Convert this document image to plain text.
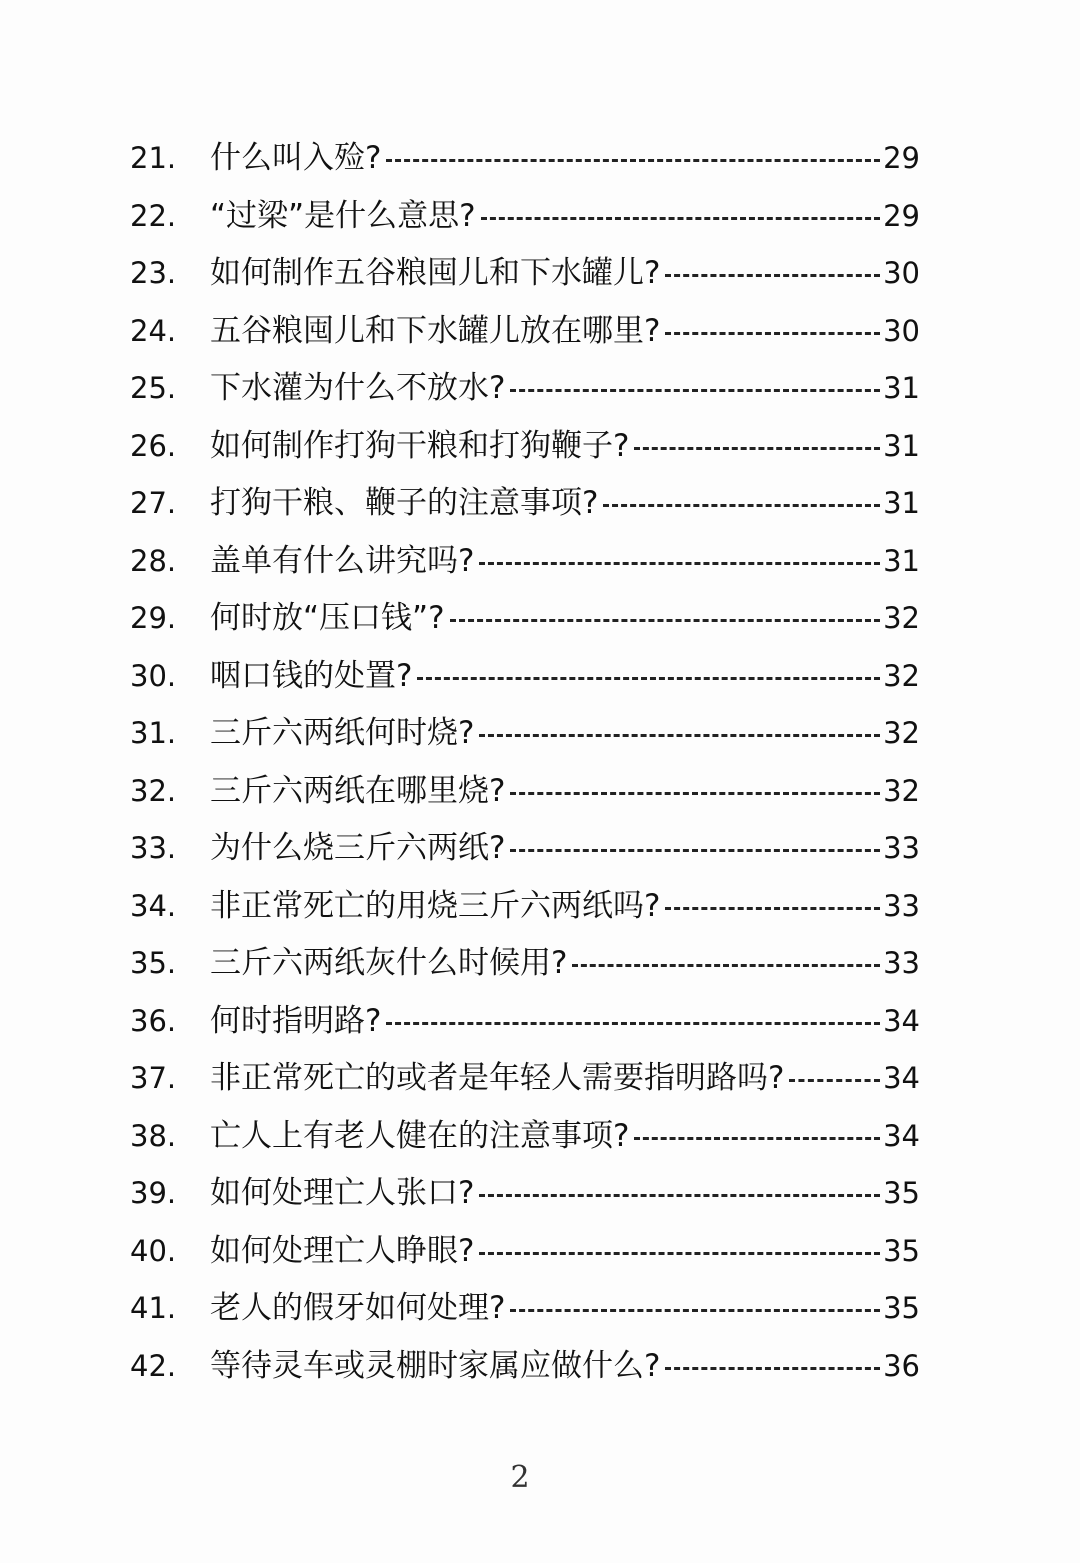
21.	什么叫入殓?	29
22.	“过梁”是什么意思?	29
23.	如何制作五谷粮囤儿和下水罐儿?	30
24.	五谷粮囤儿和下水罐儿放在哪里?	30
25.	下水灌为什么不放水?	31
26.	如何制作打狗干粮和打狗鞭子?	31
27.	打狗干粮、鞭子的注意事项?	31
28.	盖单有什么讲究吗?	31
29.	何时放“压口钱”?	32
30.	咽口钱的处置?	32
31.	三斤六两纸何时烧?	32
32.	三斤六两纸在哪里烧?	32
33.	为什么烧三斤六两纸?	33
34.	非正常死亡的用烧三斤六两纸吗?	33
35.	三斤六两纸灰什么时候用?	33
36.	何时指明路?	34
37.	非正常死亡的或者是年轻人需要指明路吗?	34
38.	亡人上有老人健在的注意事项?	34
39.	如何处理亡人张口?	35
40.	如何处理亡人睁眼?	35
41.	老人的假牙如何处理?	35
42.	等待灵车或灵棚时家属应做什么?	36
2
